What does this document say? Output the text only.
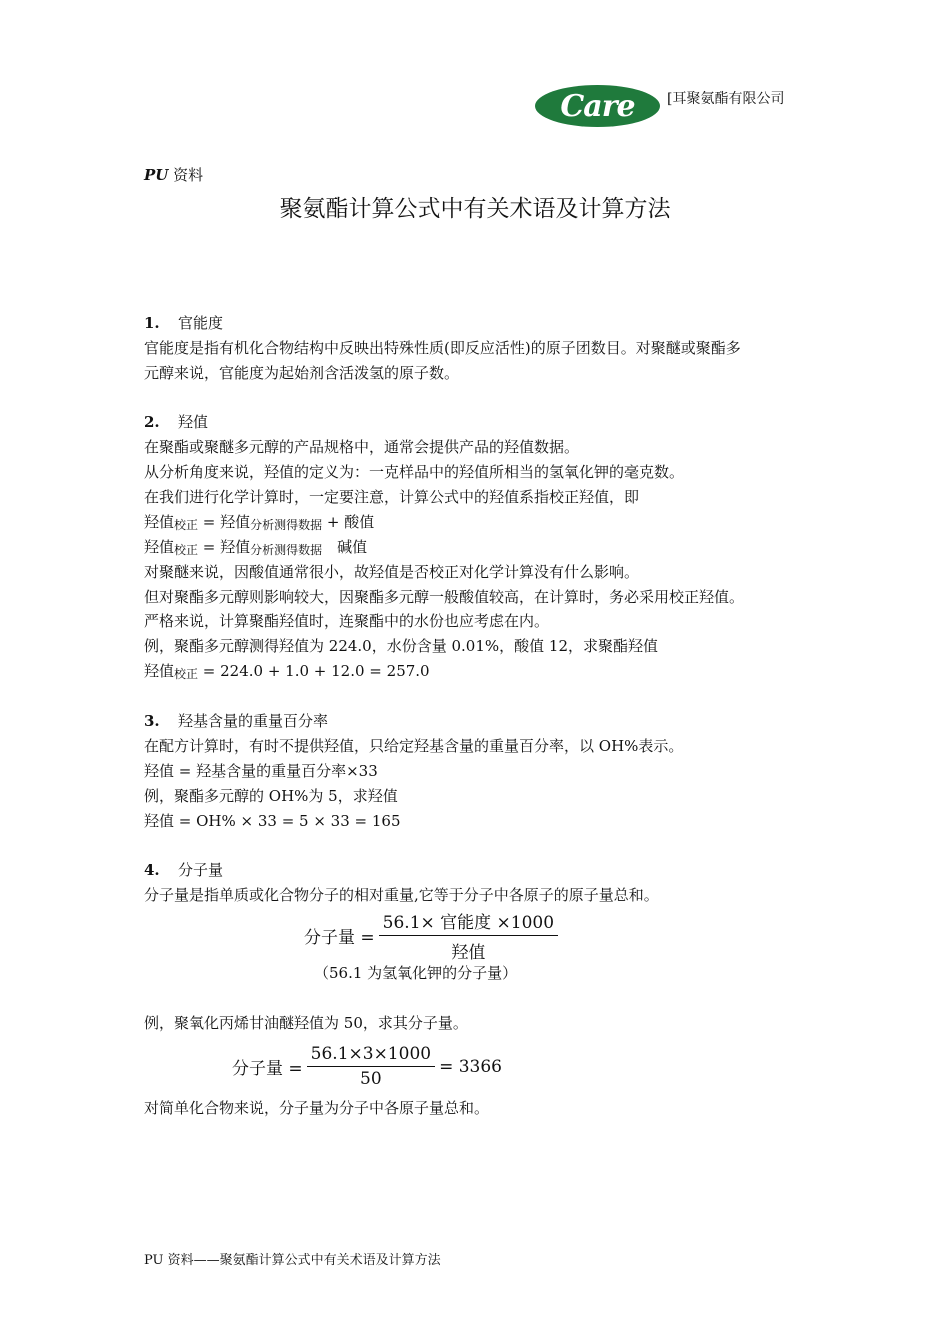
Care [耳聚氨酯有限公司
PU 资料
聚氨酯计算公式中有关术语及计算方法
1. 官能度
官能度是指有机化合物结构中反映出特殊性质(即反应活性)的原子团数目。对聚醚或聚酯多
元醇来说，官能度为起始剂含活泼氢的原子数。
2. 羟值
在聚酯或聚醚多元醇的产品规格中，通常会提供产品的羟值数据。
从分析角度来说，羟值的定义为：一克样品中的羟值所相当的氢氧化钾的毫克数。
在我们进行化学计算时，一定要注意，计算公式中的羟值系指校正羟值，即
羟值$_{校正}$ = 羟值$_{分析测得数据}$ + 酸值
羟值$_{校正}$ = 羟值$_{分析测得数据}$　碱值
对聚醚来说，因酸值通常很小，故羟值是否校正对化学计算没有什么影响。
但对聚酯多元醇则影响较大，因聚酯多元醇一般酸值较高，在计算时，务必采用校正羟值。
严格来说，计算聚酯羟值时，连聚酯中的水份也应考虑在内。
例，聚酯多元醇测得羟值为 224.0，水份含量 0.01%，酸值 12，求聚酯羟值
羟值$_{校正}$ = 224.0 + 1.0 + 12.0 = 257.0
3. 羟基含量的重量百分率
在配方计算时，有时不提供羟值，只给定羟基含量的重量百分率，以 OH%表示。
羟值 = 羟基含量的重量百分率×33
例，聚酯多元醇的 OH%为 5，求羟值
羟值 = OH% × 33 = 5 × 33 = 165
4. 分子量
分子量是指单质或化合物分子的相对重量,它等于分子中各原子的原子量总和。
分子量 =
56.1× 官能度 ×1000
羟值
（56.1 为氢氧化钾的分子量）
例，聚氧化丙烯甘油醚羟值为 50，求其分子量。
分子量 = $\frac{56.1\times 3\times 1000}{50} = 3366$
对简单化合物来说，分子量为分子中各原子量总和。
PU 资料——聚氨酯计算公式中有关术语及计算方法
